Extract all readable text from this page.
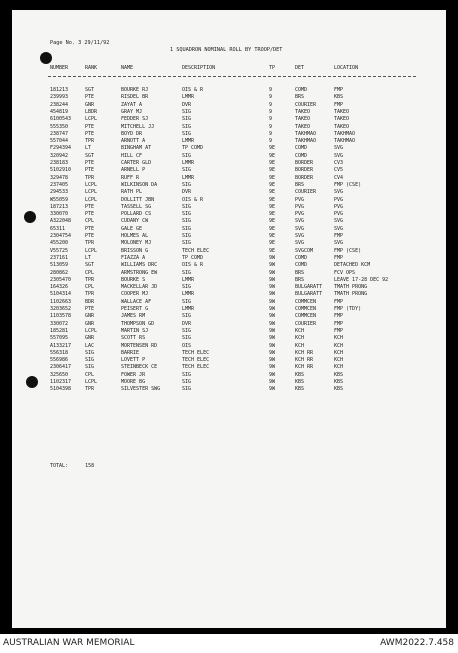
Page No. 3 29/11/92
1 SQUADRON NOMINAL ROLL BY TROOP/DET
NUMBER	RANK	NAME	DESCRIPTION	TP	DET	LOCATION
181213	SGT	BOURKE RJ	OIS & R	9	COMD	FMP
239993	PTE	RISDEL BR	LMMR	9	BRS	KBS
238244	GNR	ZAYAT A	DVR	9	COURIER	FMP
454819	LBDR	GRAY MJ	SIG	9	TAKEO	TAKEO
6100543	LCPL	FEDDER SJ	SIG	9	TAKEO	TAKEO
555350	PTE	MITCHELL JJ	SIG	9	TAKEO	TAKEO
238747	PTE	BOYD DR	SIG	9	TAKHMAO	TAKHMAO
557044	TPR	ARNOTT A	LMMR	9	TAKHMAO	TAKHMAO
F294394	LT	BINGHAM AT	TP COMD	9E	COMD	SVG
320942	SGT	HILL CF	SIG	9E	COMD	SVG
238183	PTE	CARTER GLD	LMMR	9E	BORDER	CV3
5102910	PTE	ARNELL P	SIG	9E	BORDER	CV5
329478	TPR	RUFF R	LMMR	9E	BORDER	CV4
237405	LCPL	WILKINSON DA	SIG	9E	BRS	FMP (CSE)
294533	LCPL	RATH PL	DVR	9E	COURIER	SVG
W55059	LCPL	DOLLITT JBN	OIS & R	9E	PVG	PVG
187213	PTE	TASSELL SG	SIG	9E	PVG	PVG
330070	PTE	POLLARD CS	SIG	9E	PVG	PVG
A322048	CPL	CUDANY CW	SIG	9E	SVG	SVG
65311	PTE	GALE GE	SIG	9E	SVG	SVG
2304754	PTE	HOLMES AL	SIG	9E	SVG	FMP
455200	TPR	MOLONEY MJ	SIG	9E	SVG	SVG
V55725	LCPL	BRISSON G	TECH ELEC	9E	SVGCOM	FMP (CSE)
237161	LT	FIAZZA A	TP COMD	9W	COMD	FMP
513059	SGT	WILLIAMS DRC	OIS & R	9W	COMD	DETACHED KCM
280862	CPL	ARMSTRONG EW	SIG	9W	BRS	FCV OPS
2305470	TPR	BOURKE S	LMMR	9W	BRS	LEAVE 17-28 DEC 92
164326	CPL	MACKELLAR JD	SIG	9W	BULGARATT TMATH PRONG
5104314	TPR	COOPER MJ	LMMR	9W	BULGARATT TMATH PRONG
1102663	BDR	WALLACE AF	SIG	9W	COMMCEN	FMP
3203652	PTE	PEISERT G	LMMR	9W	COMMCEN	FMP (TDY)
1103578	GNR	JAMES RM	SIG	9W	COMMCEN	FMP
330072	GNR	THOMPSON GD	DVR	9W	COURIER	FMP
185281	LCPL	MARTIN SJ	SIG	9W	KCH	FMP
557095	GNR	SCOTT RS	SIG	9W	KCH	KCH
A133217	LAC	MORTENSEN RD	OIS	9W	KCH	KCH
556318	SIG	BARRIE	TECH ELEC	9W	KCH RR	KCH
556986	SIG	LOVETT P	TECH ELEC	9W	KCH RR	KCH
2306417	SIG	STEINBECK CE	TECH ELEC	9W	KCH RR	KCH
325650	CPL	FOWER JR	SIG	9W	KBS	KBS
1102317	LCPL	MOORE BG	SIG	9W	KBS	KBS
5104398	TPR	SILVESTER SWG	SIG	9W	KBS	KBS
TOTAL:	158
AUSTRALIAN WAR MEMORIAL	AWM2022.7.458
